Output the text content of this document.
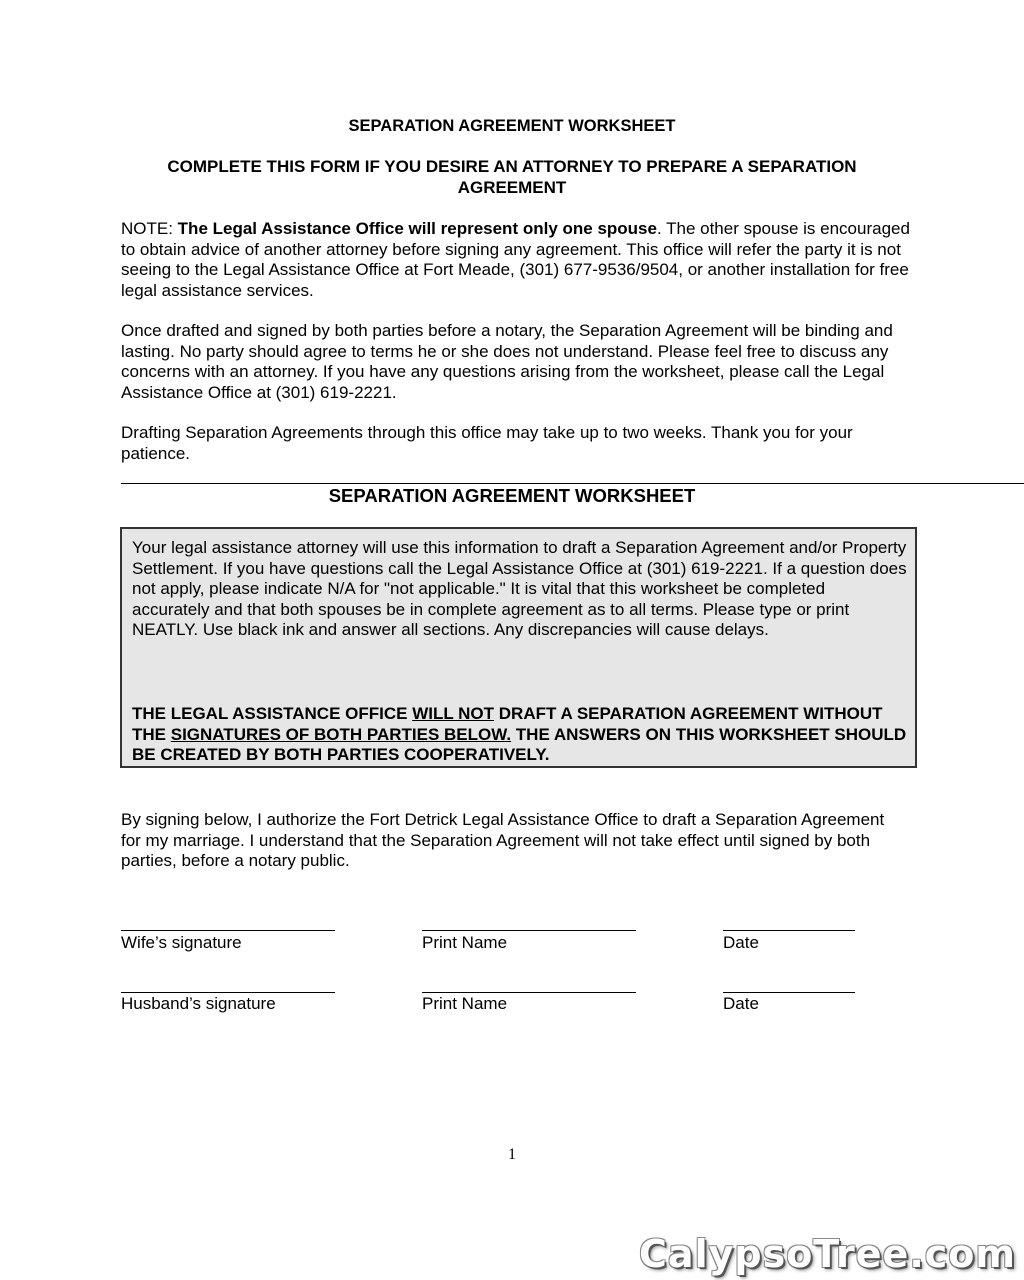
SEPARATION AGREEMENT WORKSHEET
COMPLETE THIS FORM IF YOU DESIRE AN ATTORNEY TO PREPARE A SEPARATION AGREEMENT

NOTE: The Legal Assistance Office will represent only one spouse. The other spouse is encouraged to obtain advice of another attorney before signing any agreement. This office will refer the party it is not seeing to the Legal Assistance Office at Fort Meade, (301) 677-9536/9504, or another installation for free legal assistance services.

Once drafted and signed by both parties before a notary, the Separation Agreement will be binding and lasting. No party should agree to terms he or she does not understand. Please feel free to discuss any concerns with an attorney. If you have any questions arising from the worksheet, please call the Legal Assistance Office at (301) 619-2221.

Drafting Separation Agreements through this office may take up to two weeks. Thank you for your patience.

SEPARATION AGREEMENT WORKSHEET

Your legal assistance attorney will use this information to draft a Separation Agreement and/or Property Settlement. If you have questions call the Legal Assistance Office at (301) 619-2221. If a question does not apply, please indicate N/A for "not applicable." It is vital that this worksheet be completed accurately and that both spouses be in complete agreement as to all terms. Please type or print NEATLY. Use black ink and answer all sections. Any discrepancies will cause delays.

THE LEGAL ASSISTANCE OFFICE WILL NOT DRAFT A SEPARATION AGREEMENT WITHOUT THE SIGNATURES OF BOTH PARTIES BELOW. THE ANSWERS ON THIS WORKSHEET SHOULD BE CREATED BY BOTH PARTIES COOPERATIVELY.

By signing below, I authorize the Fort Detrick Legal Assistance Office to draft a Separation Agreement for my marriage. I understand that the Separation Agreement will not take effect until signed by both parties, before a notary public.

Wife’s signature	Print Name	Date
Husband’s signature	Print Name	Date
1
CalypsoTree.com
